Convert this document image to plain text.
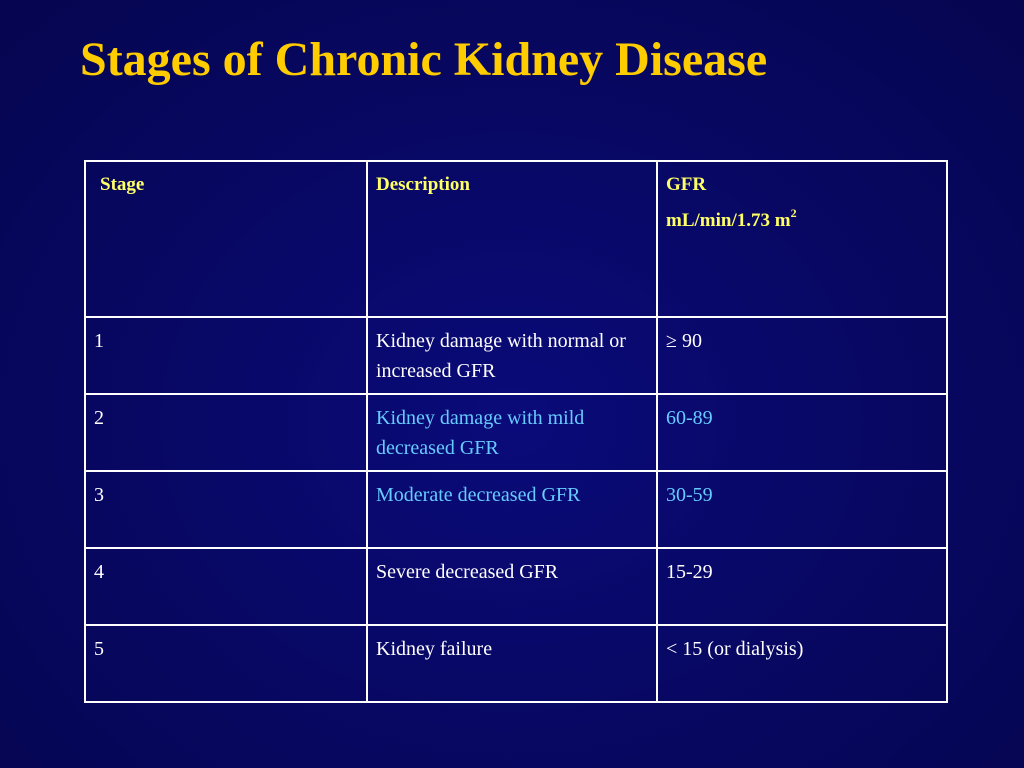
Stages of Chronic Kidney Disease
Stage	Description	GFR
mL/min/1.73 $m^2$

1	Kidney damage with normal or increased GFR	≥ 90
2	Kidney damage with mild decreased GFR	60-89
3	Moderate decreased GFR	30-59
4	Severe decreased GFR	15-29
5	Kidney failure	< 15 (or dialysis)
